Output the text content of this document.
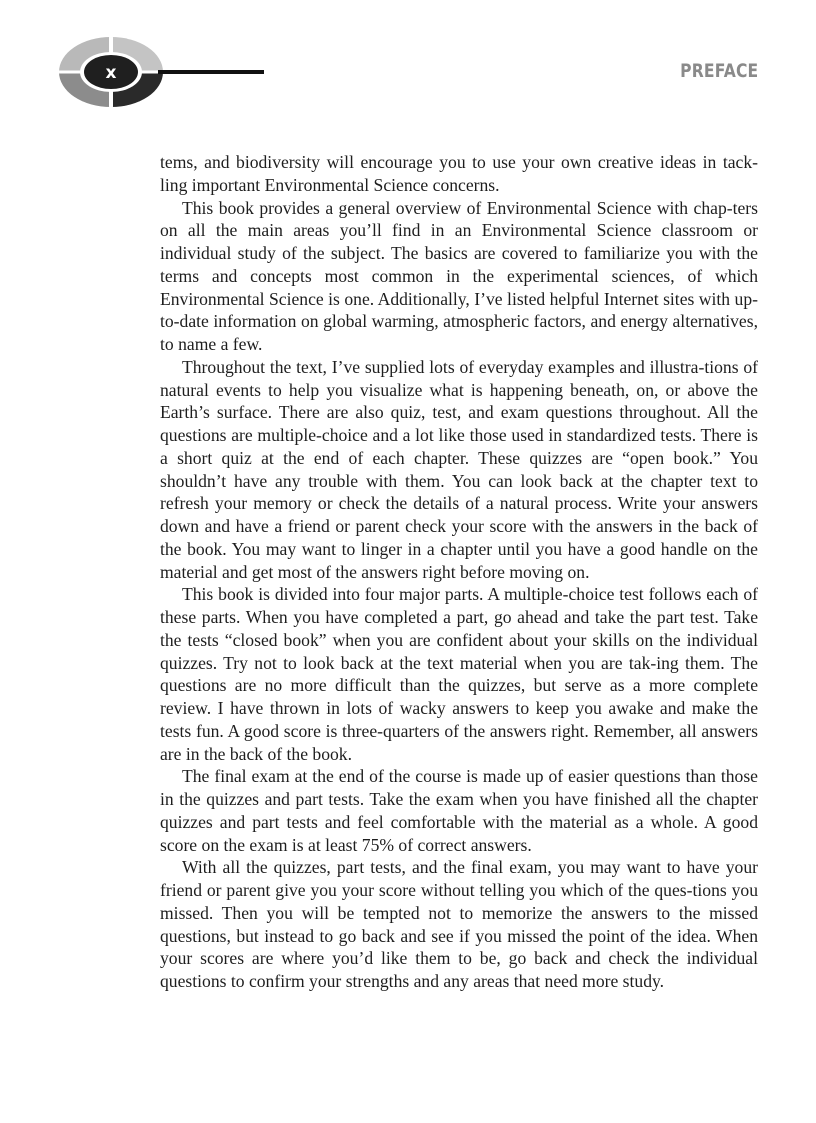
x	PREFACE

tems, and biodiversity will encourage you to use your own creative ideas in tack-ling important Environmental Science concerns.

This book provides a general overview of Environmental Science with chap-ters on all the main areas you’ll find in an Environmental Science classroom or individual study of the subject. The basics are covered to familiarize you with the terms and concepts most common in the experimental sciences, of which Environmental Science is one. Additionally, I’ve listed helpful Internet sites with up-to-date information on global warming, atmospheric factors, and energy alternatives, to name a few.

Throughout the text, I’ve supplied lots of everyday examples and illustra-tions of natural events to help you visualize what is happening beneath, on, or above the Earth’s surface. There are also quiz, test, and exam questions throughout. All the questions are multiple-choice and a lot like those used in standardized tests. There is a short quiz at the end of each chapter. These quizzes are “open book.” You shouldn’t have any trouble with them. You can look back at the chapter text to refresh your memory or check the details of a natural process. Write your answers down and have a friend or parent check your score with the answers in the back of the book. You may want to linger in a chapter until you have a good handle on the material and get most of the answers right before moving on.

This book is divided into four major parts. A multiple-choice test follows each of these parts. When you have completed a part, go ahead and take the part test. Take the tests “closed book” when you are confident about your skills on the individual quizzes. Try not to look back at the text material when you are tak-ing them. The questions are no more difficult than the quizzes, but serve as a more complete review. I have thrown in lots of wacky answers to keep you awake and make the tests fun. A good score is three-quarters of the answers right. Remember, all answers are in the back of the book.

The final exam at the end of the course is made up of easier questions than those in the quizzes and part tests. Take the exam when you have finished all the chapter quizzes and part tests and feel comfortable with the material as a whole. A good score on the exam is at least 75% of correct answers.

With all the quizzes, part tests, and the final exam, you may want to have your friend or parent give you your score without telling you which of the ques-tions you missed. Then you will be tempted not to memorize the answers to the missed questions, but instead to go back and see if you missed the point of the idea. When your scores are where you’d like them to be, go back and check the individual questions to confirm your strengths and any areas that need more study.
